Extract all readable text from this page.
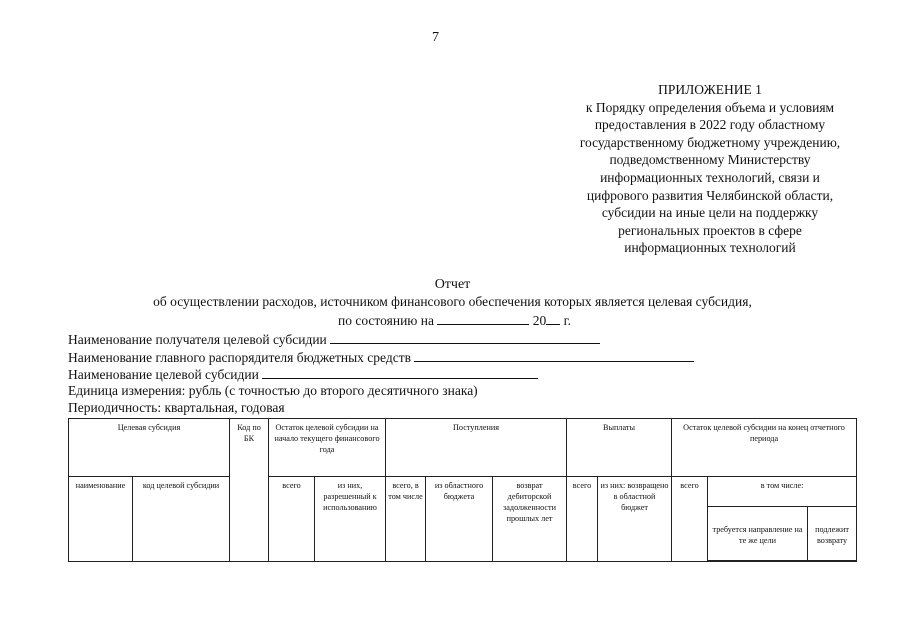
7
ПРИЛОЖЕНИЕ 1
к Порядку определения объема и условиям
предоставления в 2022 году областному
государственному бюджетному учреждению,
подведомственному Министерству
информационных технологий, связи и
цифрового развития Челябинской области,
субсидии на иные цели на поддержку
региональных проектов в сфере
информационных технологий
Отчет
об осуществлении расходов, источником финансового обеспечения которых является целевая субсидия,
по состоянию на	20 г.
Наименование получателя целевой субсидии
Наименование главного распорядителя бюджетных средств
Наименование целевой субсидии
Единица измерения: рубль (с точностью до второго десятичного знака)
Периодичность: квартальная, годовая
Целевая субсидия		Код по БК	Остаток целевой субсидии на начало текущего финансового года		Поступления			Выплаты		Остаток целевой субсидии на конец отчетного периода		
наименование	код целевой субсидии		всего	из них, разрешенный к использованию	всего, в том числе	из областного бюджета	возврат дебиторской задолженности прошлых лет	всего	из них: возвращено в областной бюджет	всего	в том числе:	
											требуется направление на те же цели	подлежит возврату
